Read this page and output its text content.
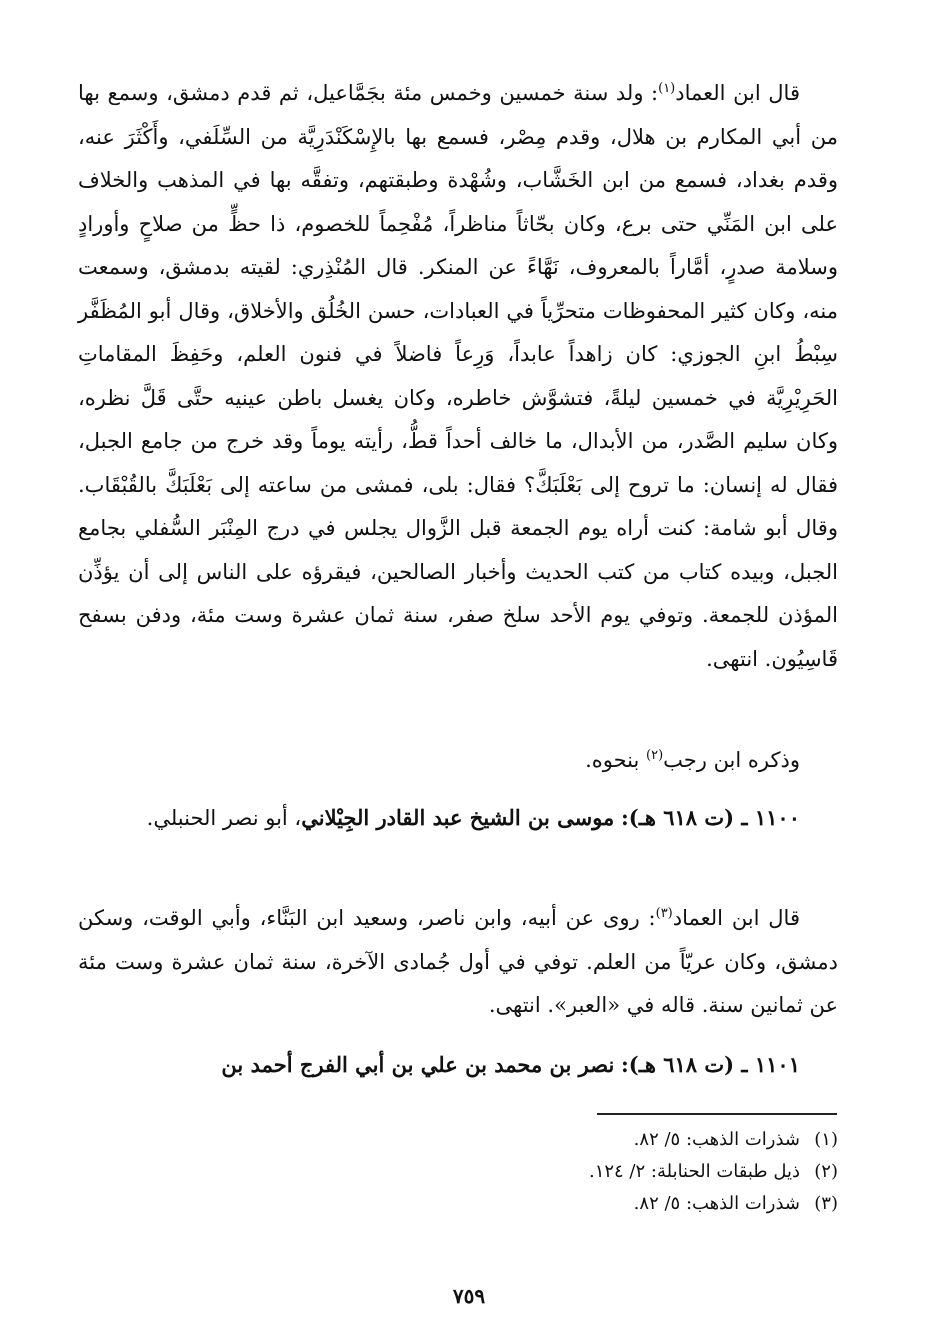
قال ابن العماد$^{(١)}$: ولد سنة خمسين وخمس مئة بجَمَّاعيل، ثم قدم دمشق، وسمع بها من أبي المكارم بن هلال، وقدم مِصْر، فسمع بها بالإِسْكَنْدَرِيَّة من السِّلَفي، وأَكْثَرَ عنه، وقدم بغداد، فسمع من ابن الخَشَّاب، وشُهْدة وطبقتهم، وتفقَّه بها في المذهب والخلاف على ابن المَنِّي حتى برع، وكان بحّاثاً مناظراً، مُفْحِماً للخصوم، ذا حظٍّ من صلاحٍ وأورادٍ وسلامة صدرٍ، أمَّاراً بالمعروف، نَهَّاءً عن المنكر. قال المُنْذِري: لقيته بدمشق، وسمعت منه، وكان كثير المحفوظات متحرِّياً في العبادات، حسن الخُلُق والأخلاق، وقال أبو المُظَفَّر سِبْطُ ابنِ الجوزي: كان زاهداً عابداً، وَرِعاً فاضلاً في فنون العلم، وحَفِظَ المقاماتِ الحَرِيْرِيَّة في خمسين ليلةً، فتشوَّش خاطره، وكان يغسل باطن عينيه حتَّى قَلَّ نظره، وكان سليم الصَّدر، من الأبدال، ما خالف أحداً قطُّ، رأيته يوماً وقد خرج من جامع الجبل، فقال له إنسان: ما تروح إلى بَعْلَبَكَّ؟ فقال: بلى، فمشى من ساعته إلى بَعْلَبَكَّ بالقُبْقَاب. وقال أبو شامة: كنت أراه يوم الجمعة قبل الزَّوال يجلس في درج المِنْبَر السُّفلي بجامع الجبل، وبيده كتاب من كتب الحديث وأخبار الصالحين، فيقرؤه على الناس إلى أن يؤذِّن المؤذن للجمعة. وتوفي يوم الأحد سلخ صفر، سنة ثمان عشرة وست مئة، ودفن بسفح قَاسِيُون. انتهى.

وذكره ابن رجب$^{(٢)}$ بنحوه.

١١٠٠ ـ (ت ٦١٨ هـ): موسى بن الشيخ عبد القادر الجِيْلاني، أبو نصر الحنبلي.

قال ابن العماد$^{(٣)}$: روى عن أبيه، وابن ناصر، وسعيد ابن البَنَّاء، وأبي الوقت، وسكن دمشق، وكان عريّاً من العلم. توفي في أول جُمادى الآخرة، سنة ثمان عشرة وست مئة عن ثمانين سنة. قاله في «العبر». انتهى.

١١٠١ ـ (ت ٦١٨ هـ): نصر بن محمد بن علي بن أبي الفرج أحمد بن

(١)شذرات الذهب: ٥/ ٨٢.
(٢)ذيل طبقات الحنابلة: ٢/ ١٢٤.
(٣)شذرات الذهب: ٥/ ٨٢.
٧٥٩
